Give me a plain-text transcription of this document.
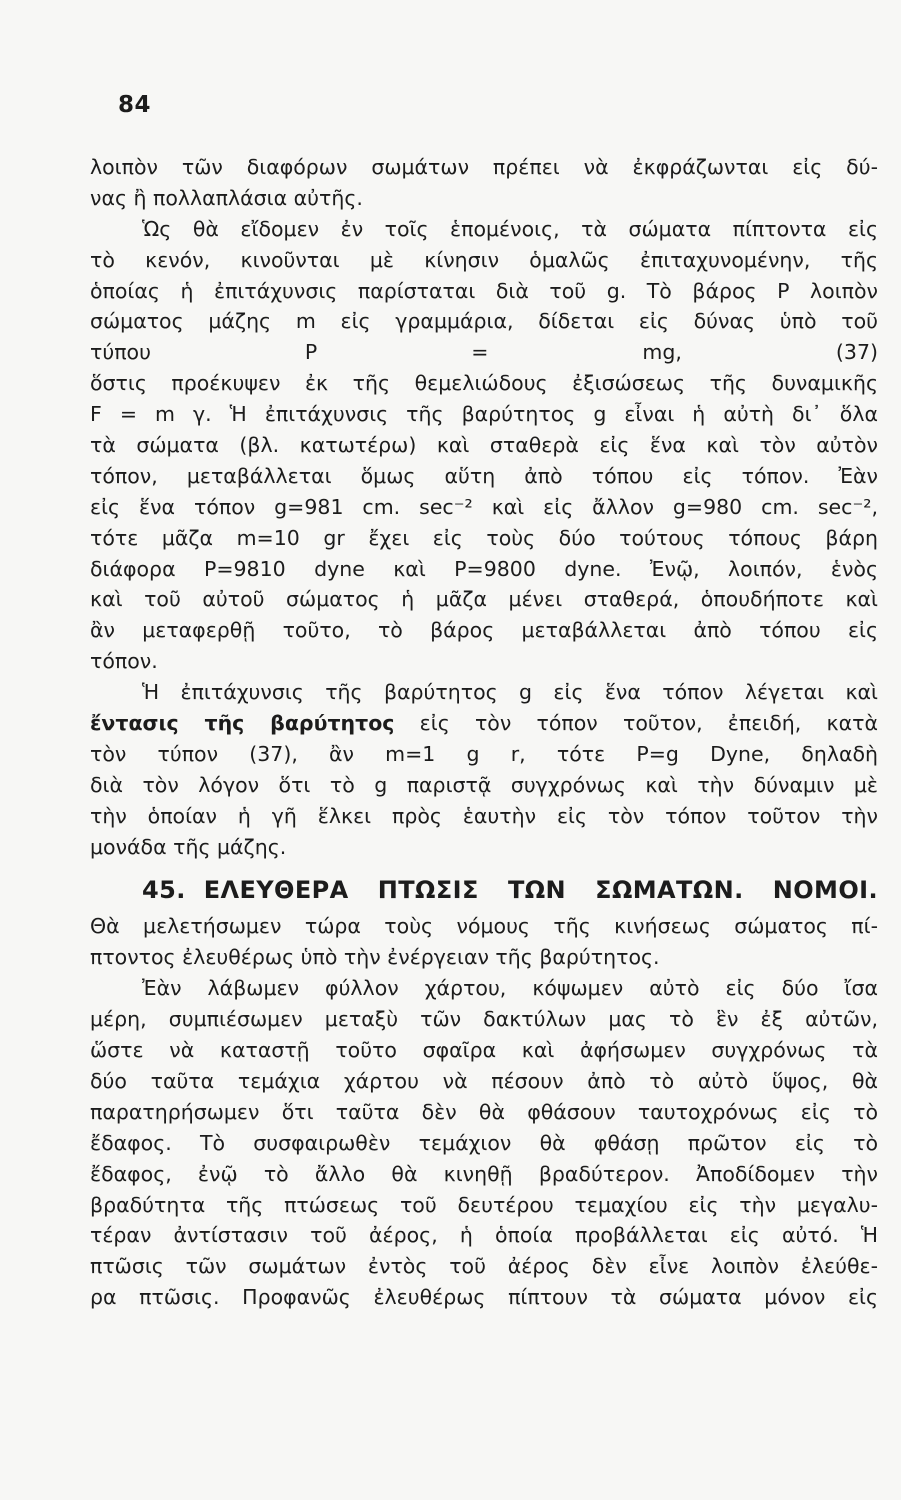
84
λοιπὸν τῶν διαφόρων σωμάτων πρέπει νὰ ἐκφράζωνται εἰς δύ-
νας ἢ πολλαπλάσια αὐτῆς.
Ὡς θὰ εἴδομεν ἐν τοῖς ἑπομένοις, τὰ σώματα πίπτοντα εἰς
τὸ κενόν, κινοῦνται μὲ κίνησιν ὁμαλῶς ἐπιταχυνομένην, τῆς
ὁποίας ἡ ἐπιτάχυνσις παρίσταται διὰ τοῦ g. Τὸ βάρος P λοιπὸν
σώματος μάζης m εἰς γραμμάρια, δίδεται εἰς δύνας ὑπὸ τοῦ
τύπου P = mg, (37)
ὅστις προέκυψεν ἐκ τῆς θεμελιώδους ἐξισώσεως τῆς δυναμικῆς
F = m γ. Ἡ ἐπιτάχυνσις τῆς βαρύτητος g εἶναι ἡ αὐτὴ δι᾽ ὅλα
τὰ σώματα (βλ. κατωτέρω) καὶ σταθερὰ εἰς ἕνα καὶ τὸν αὐτὸν
τόπον, μεταβάλλεται ὅμως αὕτη ἀπὸ τόπου εἰς τόπον. Ἐὰν
εἰς ἕνα τόπον g=981 cm. sec⁻² καὶ εἰς ἄλλον g=980 cm. sec⁻²,
τότε μᾶζα m=10 gr ἔχει εἰς τοὺς δύο τούτους τόπους βάρη
διάφορα P=9810 dyne καὶ P=9800 dyne. Ἐνῷ, λοιπόν, ἑνὸς
καὶ τοῦ αὐτοῦ σώματος ἡ μᾶζα μένει σταθερά, ὁπουδήποτε καὶ
ἂν μεταφερθῇ τοῦτο, τὸ βάρος μεταβάλλεται ἀπὸ τόπου εἰς
τόπον.
Ἡ ἐπιτάχυνσις τῆς βαρύτητος g εἰς ἕνα τόπον λέγεται καὶ
ἔντασις τῆς βαρύτητος εἰς τὸν τόπον τοῦτον, ἐπειδή, κατὰ
τὸν τύπον (37), ἂν m=1 g r, τότε P=g Dyne, δηλαδὴ
διὰ τὸν λόγον ὅτι τὸ g παριστᾷ συγχρόνως καὶ τὴν δύναμιν μὲ
τὴν ὁποίαν ἡ γῆ ἕλκει πρὸς ἑαυτὴν εἰς τὸν τόπον τοῦτον τὴν
μονάδα τῆς μάζης.
45. ΕΛΕΥΘΕΡΑ ΠΤΩΣΙΣ ΤΩΝ ΣΩΜΑΤΩΝ. ΝΟΜΟΙ.
Θὰ μελετήσωμεν τώρα τοὺς νόμους τῆς κινήσεως σώματος πί-
πτοντος ἐλευθέρως ὑπὸ τὴν ἐνέργειαν τῆς βαρύτητος.
Ἐὰν λάβωμεν φύλλον χάρτου, κόψωμεν αὐτὸ εἰς δύο ἴσα
μέρη, συμπιέσωμεν μεταξὺ τῶν δακτύλων μας τὸ ἓν ἐξ αὐτῶν,
ὥστε νὰ καταστῇ τοῦτο σφαῖρα καὶ ἀφήσωμεν συγχρόνως τὰ
δύο ταῦτα τεμάχια χάρτου νὰ πέσουν ἀπὸ τὸ αὐτὸ ὕψος, θὰ
παρατηρήσωμεν ὅτι ταῦτα δὲν θὰ φθάσουν ταυτοχρόνως εἰς τὸ
ἔδαφος. Τὸ συσφαιρωθὲν τεμάχιον θὰ φθάσῃ πρῶτον εἰς τὸ
ἔδαφος, ἐνῷ τὸ ἄλλο θὰ κινηθῇ βραδύτερον. Ἀποδίδομεν τὴν
βραδύτητα τῆς πτώσεως τοῦ δευτέρου τεμαχίου εἰς τὴν μεγαλυ-
τέραν ἀντίστασιν τοῦ ἀέρος, ἡ ὁποία προβάλλεται εἰς αὐτό. Ἡ
πτῶσις τῶν σωμάτων ἐντὸς τοῦ ἀέρος δὲν εἶνε λοιπὸν ἐλεύθε-
ρα πτῶσις. Προφανῶς ἐλευθέρως πίπτουν τὰ σώματα μόνον εἰς
